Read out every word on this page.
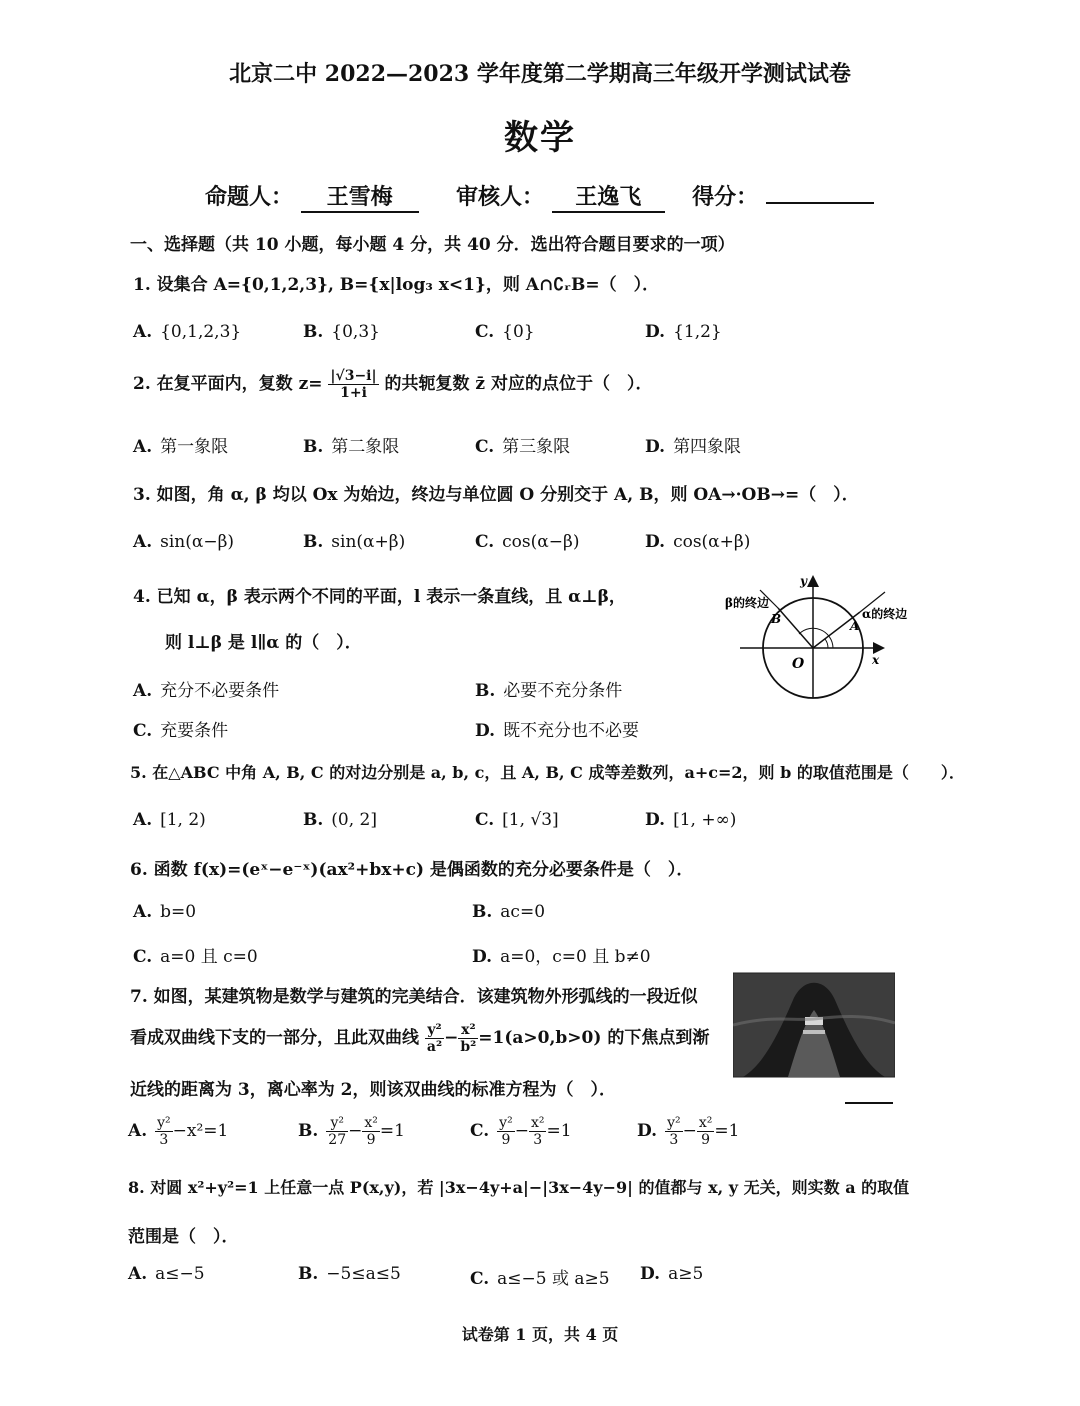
北京二中 2022—2023 学年度第二学期高三年级开学测试试卷
数学
命题人： 王雪梅	审核人： 王逸飞 得分：
一、选择题（共 10 小题，每小题 4 分，共 40 分．选出符合题目要求的一项）
1. 设集合 A={0,1,2,3}, B={x|log₃ x<1}，则 A∩∁ᵣB=（　）．
A. {0,1,2,3}	B. {0,3}	C. {0}	D. {1,2}
2. 在复平面内，复数 $z= \frac{|√3-i|}{1+i}$ 的共轭复数 z̄ 对应的点位于（　）．
A. 第一象限	B. 第二象限	C. 第三象限	D. 第四象限
3. 如图，角 α, β 均以 Ox 为始边，终边与单位圆 O 分别交于 A, B，则 OA→·OB→=（　）．
A. sin(α−β)	B. sin(α+β)	C. cos(α−β)	D. cos(α+β)
4. 已知 α，β 表示两个不同的平面，l 表示一条直线，且 α⊥β，
则 l⊥β 是 l∥α 的（　）．
A. 充分不必要条件	B. 必要不充分条件
C. 充要条件	D. 既不充分也不必要
y
x
O
A
B
β的终边
α的终边
5. 在△ABC 中角 A, B, C 的对边分别是 a, b, c，且 A, B, C 成等差数列，a+c=2，则 b 的取值范围是（　　）．
A. [1, 2)	B. (0, 2]	C. [1, √3]	D. [1, +∞)
6. 函数 f(x)=(eˣ−e⁻ˣ)(ax²+bx+c) 是偶函数的充分必要条件是（　）．
A. b=0	B. ac=0
C. a=0 且 c=0	D. a=0，c=0 且 b≠0
7. 如图，某建筑物是数学与建筑的完美结合．该建筑物外形弧线的一段近似
看成双曲线下支的一部分，且此双曲线 $\frac{\text{y²}}{\text{a²}} - \frac{\text{x²}}{\text{b²}} =1(a>0,b>0)$ 的下焦点到渐
近线的距离为 3，离心率为 2，则该双曲线的标准方程为（　）．
A. $\frac{\text{y²}}{3} -x^2=1$	B. $\frac{\text{y²}}{27} - \frac{\text{x²}}{9} =1$	C. $\frac{\text{y²}}{9} - \frac{\text{x²}}{3} =1$	D. $\frac{\text{y²}}{3} - \frac{\text{x²}}{9} =1$
8. 对圆 x²+y²=1 上任意一点 P(x,y)，若 |3x−4y+a|−|3x−4y−9| 的值都与 x, y 无关，则实数 a 的取值
范围是（　）．
A. a≤−5	B. −5≤a≤5	C. a≤−5 或 a≥5 D. a≥5
试卷第 1 页，共 4 页
